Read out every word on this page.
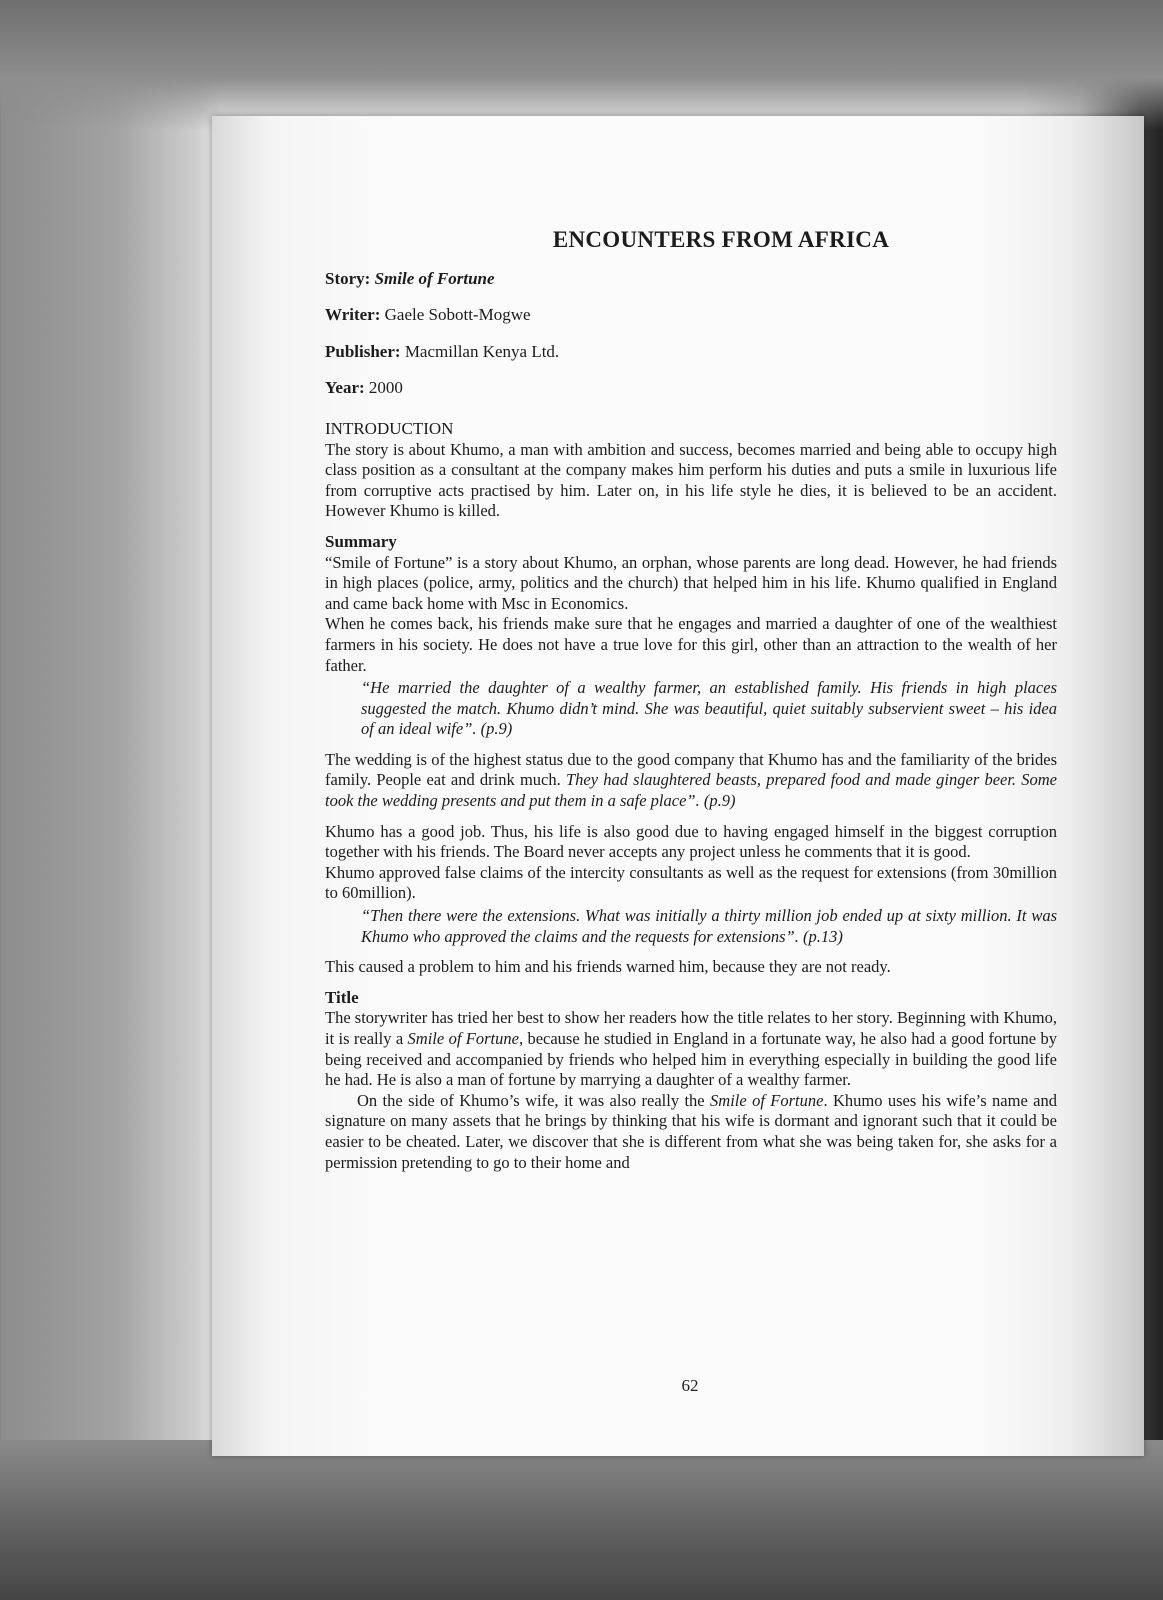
ENCOUNTERS FROM AFRICA
Story: Smile of Fortune
Writer: Gaele Sobott-Mogwe
Publisher: Macmillan Kenya Ltd.
Year: 2000
INTRODUCTION

The story is about Khumo, a man with ambition and success, becomes married and being able to occupy high class position as a consultant at the company makes him perform his duties and puts a smile in luxurious life from corruptive acts practised by him. Later on, in his life style he dies, it is believed to be an accident. However Khumo is killed.

Summary

“Smile of Fortune” is a story about Khumo, an orphan, whose parents are long dead. However, he had friends in high places (police, army, politics and the church) that helped him in his life. Khumo qualified in England and came back home with Msc in Economics.

When he comes back, his friends make sure that he engages and married a daughter of one of the wealthiest farmers in his society. He does not have a true love for this girl, other than an attraction to the wealth of her father.

“He married the daughter of a wealthy farmer, an established family. His friends in high places suggested the match. Khumo didn’t mind. She was beautiful, quiet suitably subservient sweet – his idea of an ideal wife”. (p.9)

The wedding is of the highest status due to the good company that Khumo has and the familiarity of the brides family. People eat and drink much. They had slaughtered beasts, prepared food and made ginger beer. Some took the wedding presents and put them in a safe place”. (p.9)

Khumo has a good job. Thus, his life is also good due to having engaged himself in the biggest corruption together with his friends. The Board never accepts any project unless he comments that it is good.

Khumo approved false claims of the intercity consultants as well as the request for extensions (from 30million to 60million).

“Then there were the extensions. What was initially a thirty million job ended up at sixty million. It was Khumo who approved the claims and the requests for extensions”. (p.13)

This caused a problem to him and his friends warned him, because they are not ready.

Title

The storywriter has tried her best to show her readers how the title relates to her story. Beginning with Khumo, it is really a Smile of Fortune, because he studied in England in a fortunate way, he also had a good fortune by being received and accompanied by friends who helped him in everything especially in building the good life he had. He is also a man of fortune by marrying a daughter of a wealthy farmer.

On the side of Khumo’s wife, it was also really the Smile of Fortune. Khumo uses his wife’s name and signature on many assets that he brings by thinking that his wife is dormant and ignorant such that it could be easier to be cheated. Later, we discover that she is different from what she was being taken for, she asks for a permission pretending to go to their home and

62
